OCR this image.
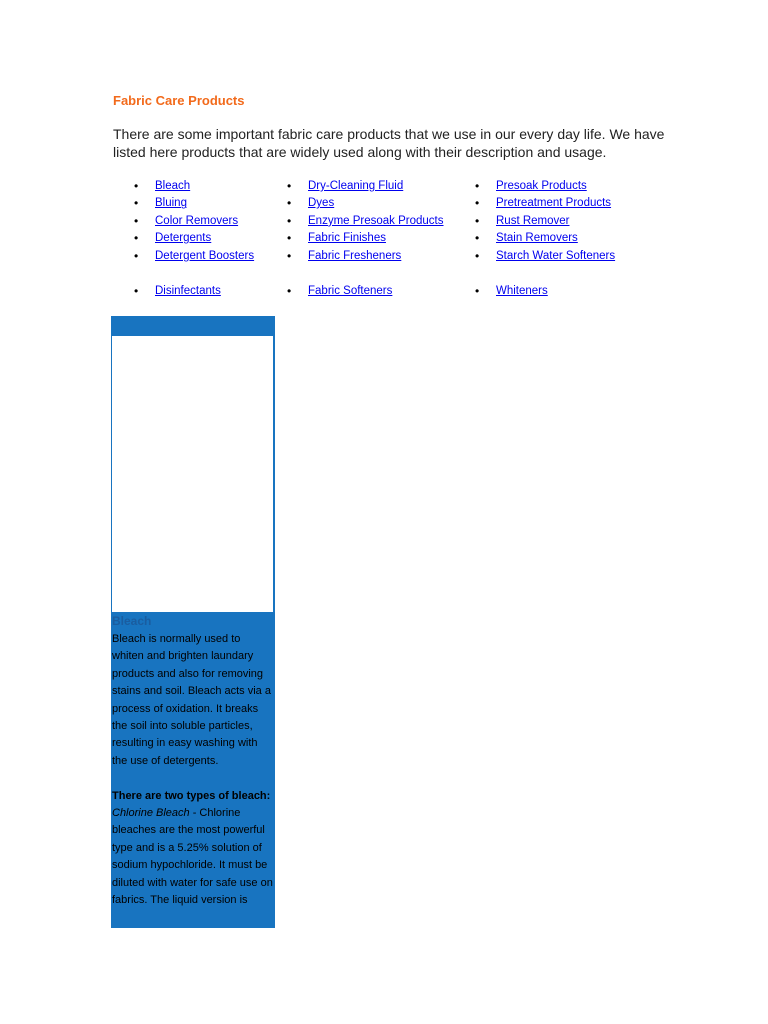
Fabric Care Products
There are some important fabric care products that we use in our every day life. We have listed here products that are widely used along with their description and usage.
• Bleach
• Bluing
• Color Removers
• Detergents
• Detergent Boosters
• Disinfectants
• Dry-Cleaning Fluid
• Dyes
• Enzyme Presoak Products
• Fabric Finishes
• Fabric Fresheners
• Fabric Softeners
• Presoak Products
• Pretreatment Products
• Rust Remover
• Stain Removers
• Starch Water Softeners
• Whiteners
Bleach

Bleach is normally used to whiten and brighten laundary products and also for removing stains and soil. Bleach acts via a process of oxidation. It breaks the soil into soluble particles, resulting in easy washing with the use of detergents.

There are two types of bleach:

Chlorine Bleach - Chlorine bleaches are the most powerful type and is a 5.25% solution of sodium hypochloride. It must be diluted with water for safe use on fabrics. The liquid version is
